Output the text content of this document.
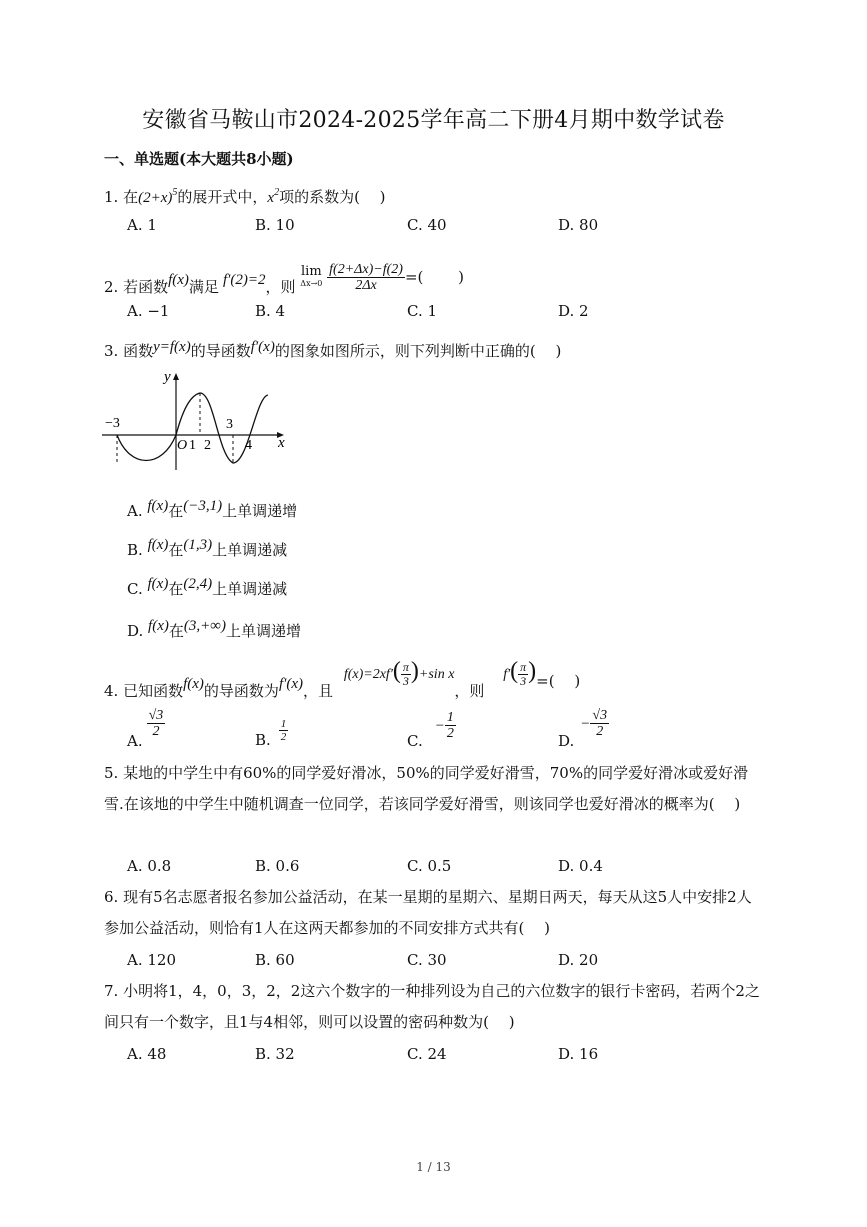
安徽省马鞍山市2024-2025学年高二下册4月期中数学试卷
一、单选题(本大题共8小题)
1. 在$(2+x)^5$的展开式中，$x^2$项的系数为(　 )
A. 1	B. 10	C. 40	D. 80
2. 若函数f(x)满足 f′(2)=2，则
lim
Δx→0
$\frac{f(2+\Delta x)-f(2)}{2\Delta x}$ =(　　 )
A. −1	B. 4	C. 1	D. 2
3. 函数y=f(x)的导函数f′(x)的图象如图所示，则下列判断中正确的(　 )
y
x
−3
O 1 2
3
4
A. f(x)在(−3,1)上单调递增
B. f(x)在(1,3)上单调递减
C. f(x)在(2,4)上单调递减
D. f(x)在(3,+∞)上单调递增
4. 已知函数f(x)的导函数为f′(x)，且 $f(x)=2xf'( \frac{\pi}{3} )+\sin$ x，则 $f'( \frac{\pi}{3}$ )=(　 )
A.
$\frac{√3}{2}$	B. $\frac{1}{2}$	$C.- \frac{1}{2}$	$D.- \frac{√3}{2}$
5. 某地的中学生中有60%的同学爱好滑冰，50%的同学爱好滑雪，70%的同学爱好滑冰或爱好滑雪.在该地的中学生中随机调查一位同学，若该同学爱好滑雪，则该同学也爱好滑冰的概率为(　 )
A. 0.8	B. 0.6	C. 0.5	D. 0.4
6. 现有5名志愿者报名参加公益活动，在某一星期的星期六、星期日两天，每天从这5人中安排2人参加公益活动，则恰有1人在这两天都参加的不同安排方式共有(　 )
A. 120	B. 60	C. 30	D. 20
7. 小明将1，4，0，3，2，2这六个数字的一种排列设为自己的六位数字的银行卡密码，若两个2之间只有一个数字，且1与4相邻，则可以设置的密码种数为(　 )
A. 48	B. 32	C. 24	D. 16
1 / 13
